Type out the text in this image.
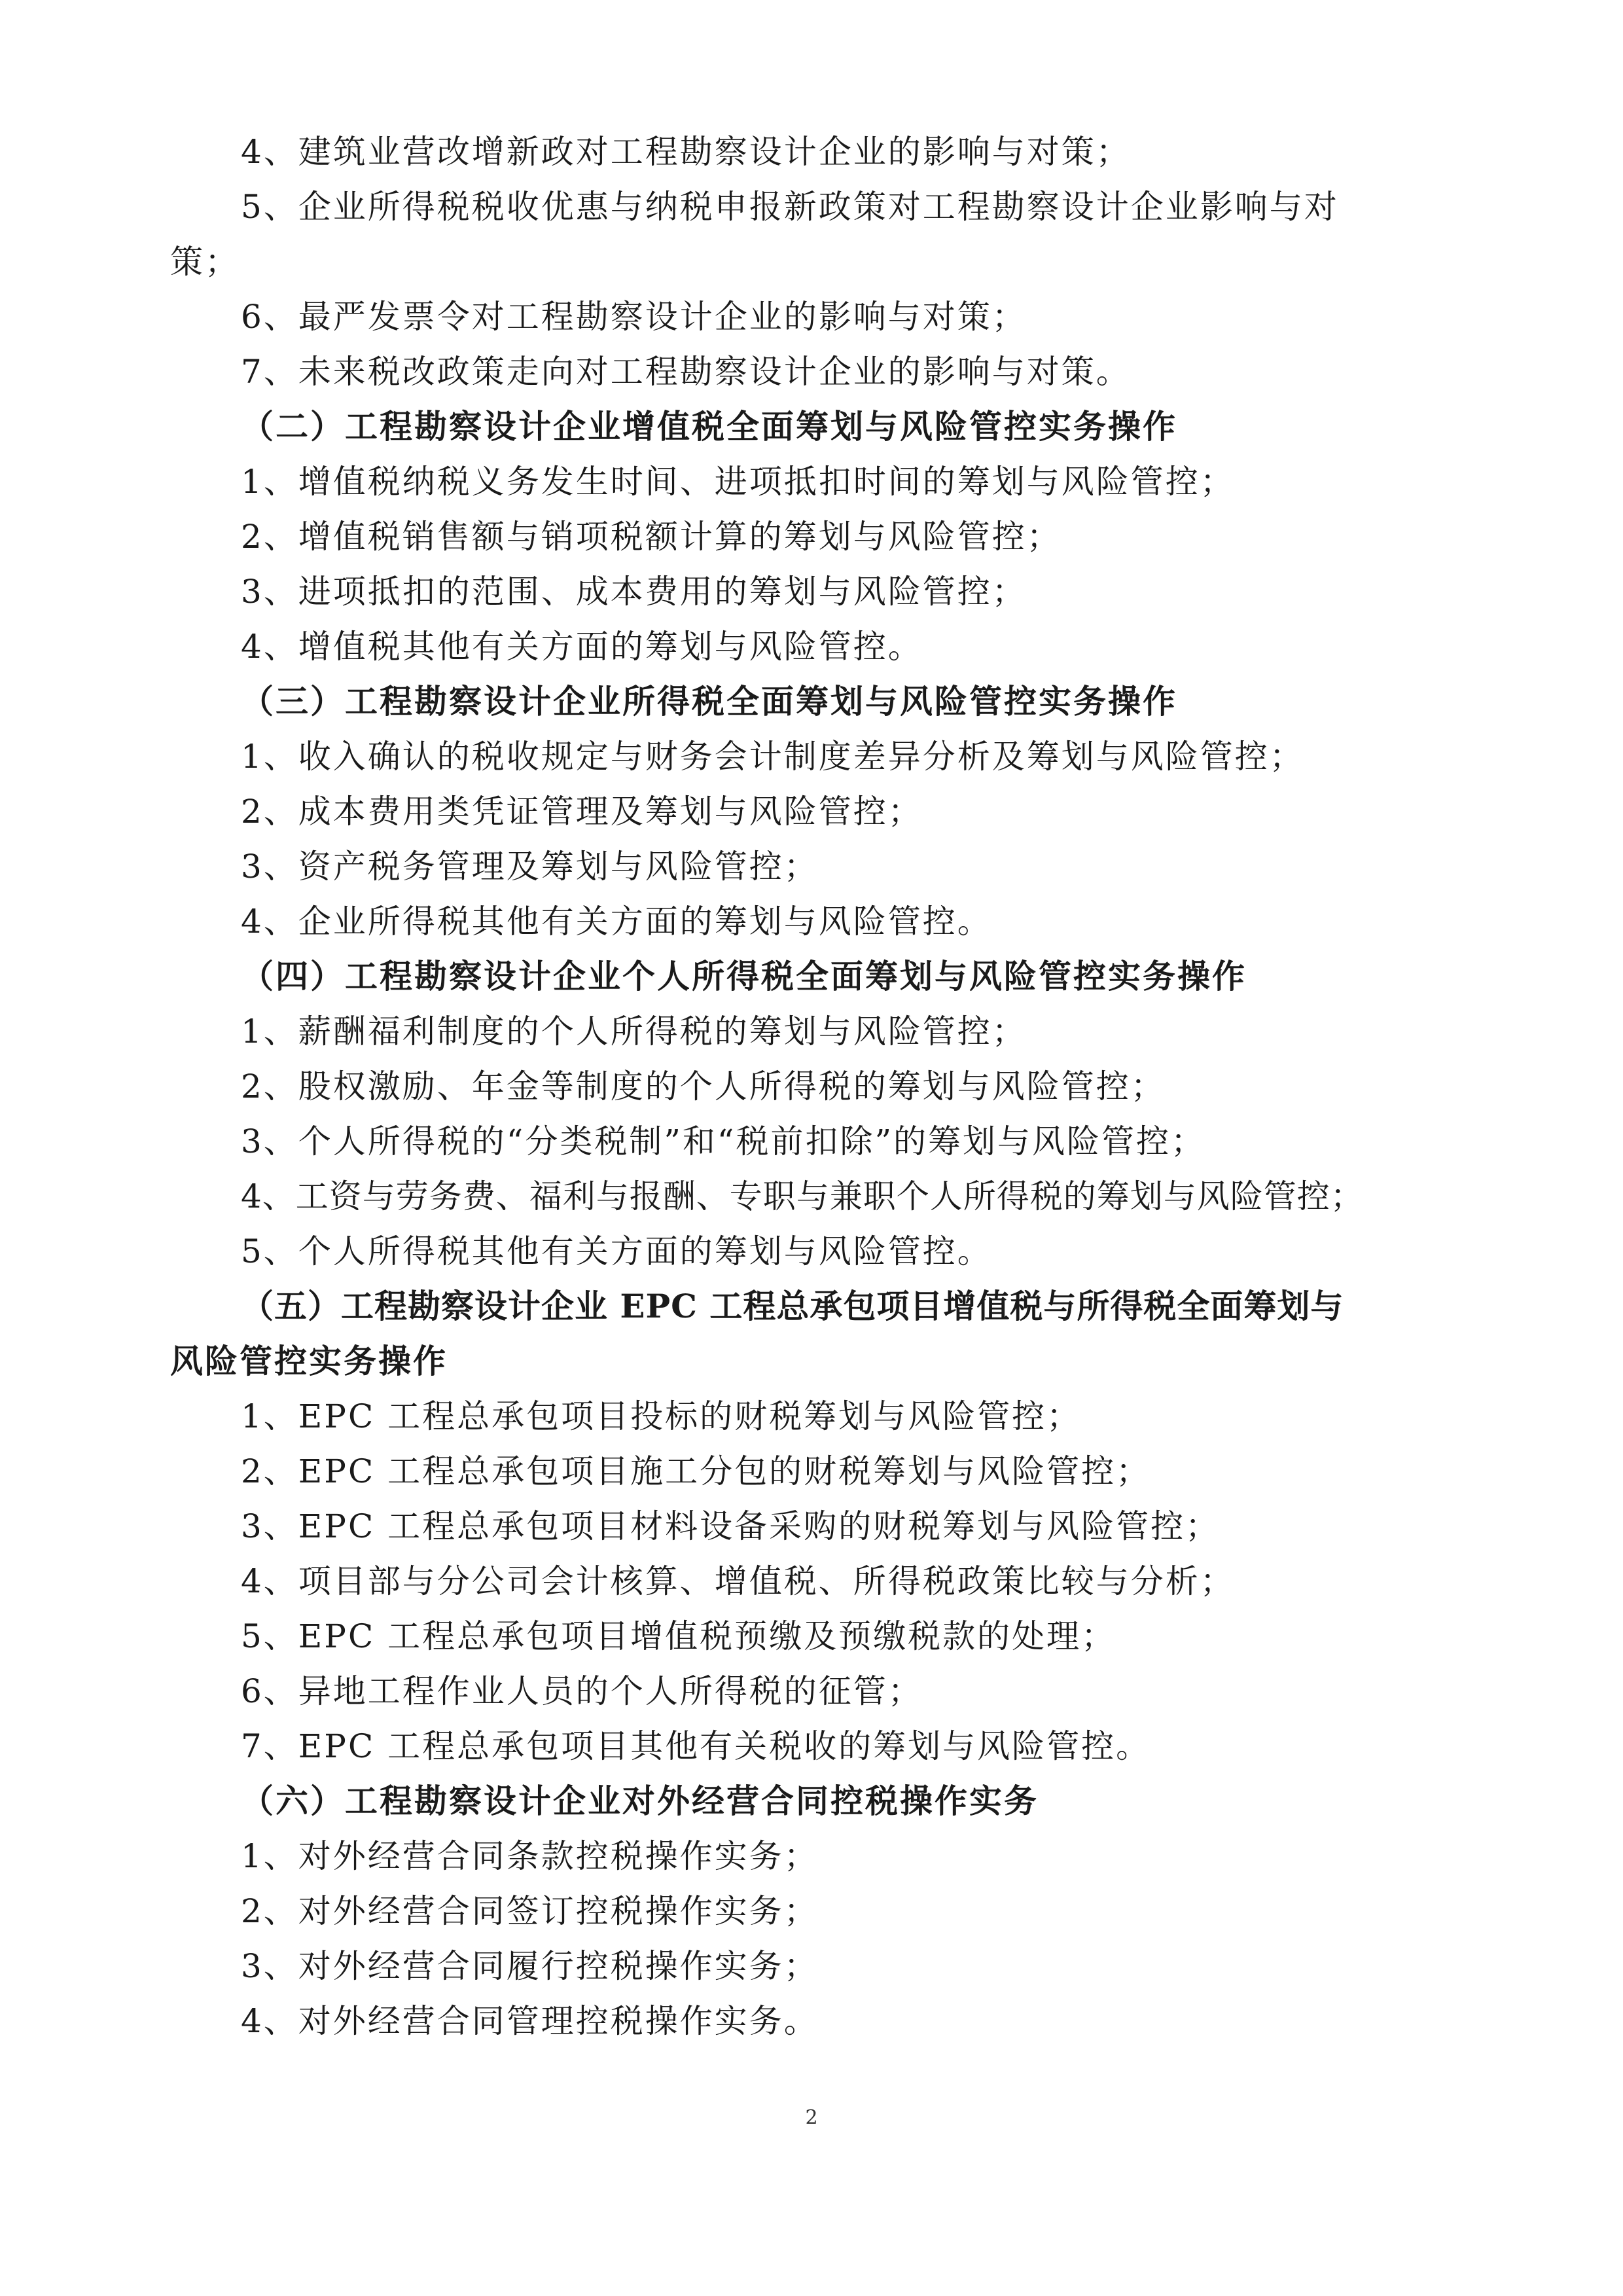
4、建筑业营改增新政对工程勘察设计企业的影响与对策；
5、企业所得税税收优惠与纳税申报新政策对工程勘察设计企业影响与对
策；
6、最严发票令对工程勘察设计企业的影响与对策；
7、未来税改政策走向对工程勘察设计企业的影响与对策。
（二）工程勘察设计企业增值税全面筹划与风险管控实务操作
1、增值税纳税义务发生时间、进项抵扣时间的筹划与风险管控；
2、增值税销售额与销项税额计算的筹划与风险管控；
3、进项抵扣的范围、成本费用的筹划与风险管控；
4、增值税其他有关方面的筹划与风险管控。
（三）工程勘察设计企业所得税全面筹划与风险管控实务操作
1、收入确认的税收规定与财务会计制度差异分析及筹划与风险管控；
2、成本费用类凭证管理及筹划与风险管控；
3、资产税务管理及筹划与风险管控；
4、企业所得税其他有关方面的筹划与风险管控。
（四）工程勘察设计企业个人所得税全面筹划与风险管控实务操作
1、薪酬福利制度的个人所得税的筹划与风险管控；
2、股权激励、年金等制度的个人所得税的筹划与风险管控；
3、个人所得税的“分类税制”和“税前扣除”的筹划与风险管控；
4、工资与劳务费、福利与报酬、专职与兼职个人所得税的筹划与风险管控；
5、个人所得税其他有关方面的筹划与风险管控。
（五）工程勘察设计企业 EPC 工程总承包项目增值税与所得税全面筹划与
风险管控实务操作
1、EPC 工程总承包项目投标的财税筹划与风险管控；
2、EPC 工程总承包项目施工分包的财税筹划与风险管控；
3、EPC 工程总承包项目材料设备采购的财税筹划与风险管控；
4、项目部与分公司会计核算、增值税、所得税政策比较与分析；
5、EPC 工程总承包项目增值税预缴及预缴税款的处理；
6、异地工程作业人员的个人所得税的征管；
7、EPC 工程总承包项目其他有关税收的筹划与风险管控。
（六）工程勘察设计企业对外经营合同控税操作实务
1、对外经营合同条款控税操作实务；
2、对外经营合同签订控税操作实务；
3、对外经营合同履行控税操作实务；
4、对外经营合同管理控税操作实务。
2
